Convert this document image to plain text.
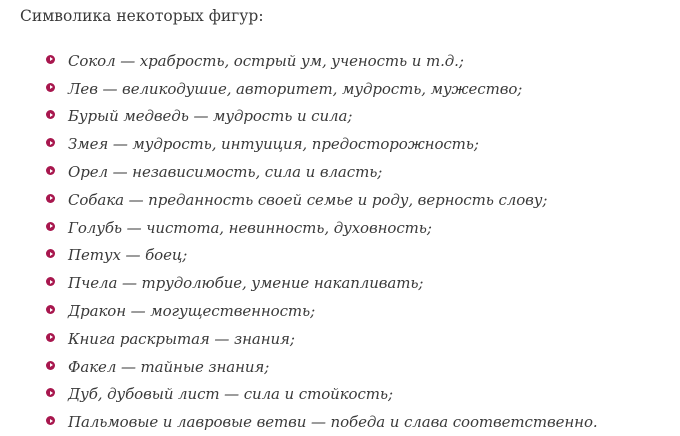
Символика некоторых фигур:

Сокол — храбрость, острый ум, ученость и т.д.;
Лев — великодушие, авторитет, мудрость, мужество;
Бурый медведь — мудрость и сила;
Змея — мудрость, интуиция, предосторожность;
Орел — независимость, сила и власть;
Собака — преданность своей семье и роду, верность слову;
Голубь — чистота, невинность, духовность;
Петух — боец;
Пчела — трудолюбие, умение накапливать;
Дракон — могущественность;
Книга раскрытая — знания;
Факел — тайные знания;
Дуб, дубовый лист — сила и стойкость;
Пальмовые и лавровые ветви — победа и слава соответственно.
